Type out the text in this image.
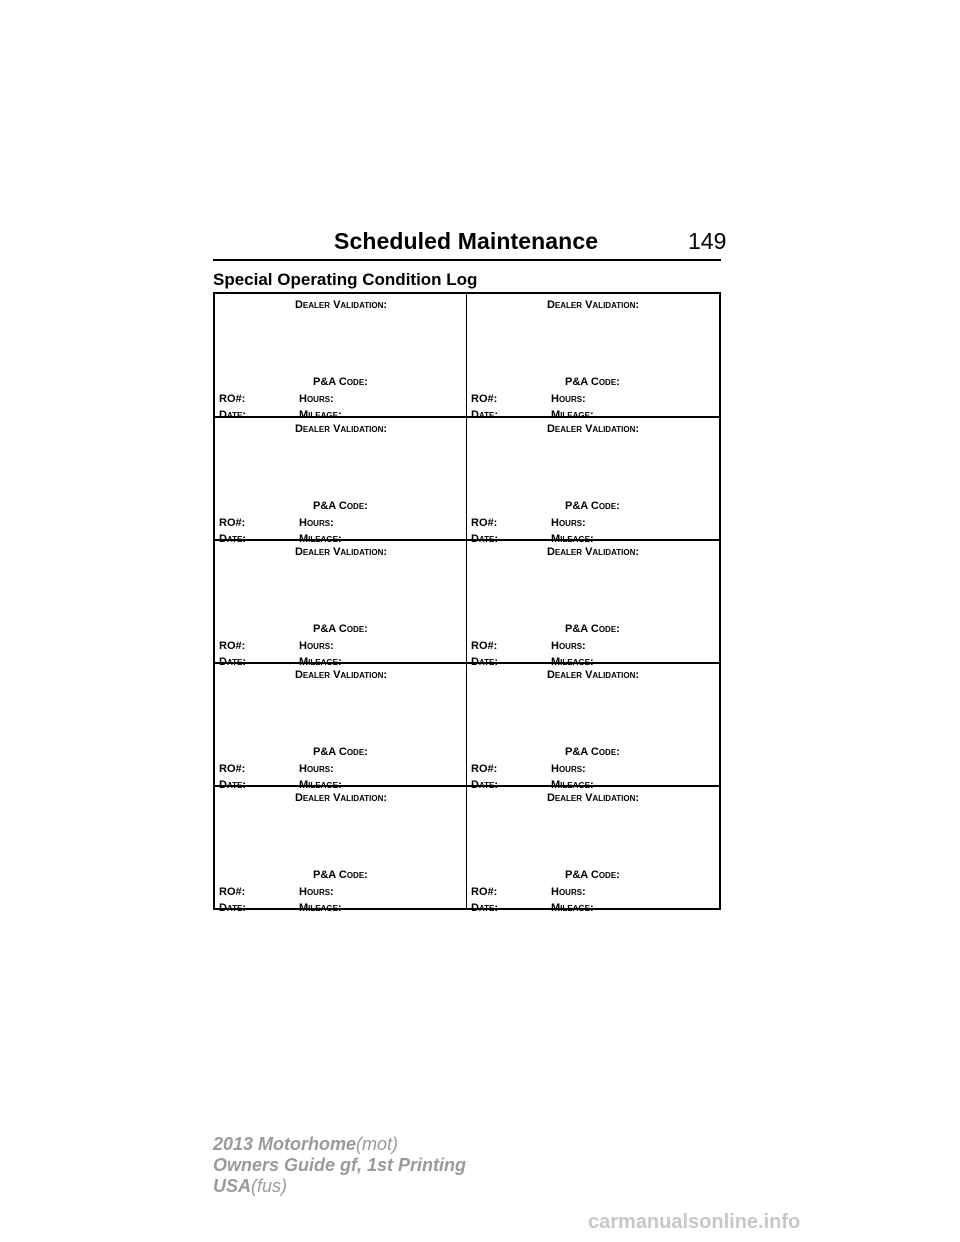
Scheduled Maintenance	149
Special Operating Condition Log
Dealer Validation:
P&A Code:
RO#:	Hours:
Date:	Mileage:
Dealer Validation:
P&A Code:
RO#:	Hours:
Date:	Mileage:
Dealer Validation:
P&A Code:
RO#:	Hours:
Date:	Mileage:
Dealer Validation:
P&A Code:
RO#:	Hours:
Date:	Mileage:
Dealer Validation:
P&A Code:
RO#:	Hours:
Date:	Mileage:
Dealer Validation:
P&A Code:
RO#:	Hours:
Date:	Mileage:
Dealer Validation:
P&A Code:
RO#:	Hours:
Date:	Mileage:
Dealer Validation:
P&A Code:
RO#:	Hours:
Date:	Mileage:
Dealer Validation:
P&A Code:
RO#:	Hours:
Date:	Mileage:
Dealer Validation:
P&A Code:
RO#:	Hours:
Date:	Mileage:
2013 Motorhome(mot)
Owners Guide gf, 1st Printing
USA(fus)
carmanualsonline.info
